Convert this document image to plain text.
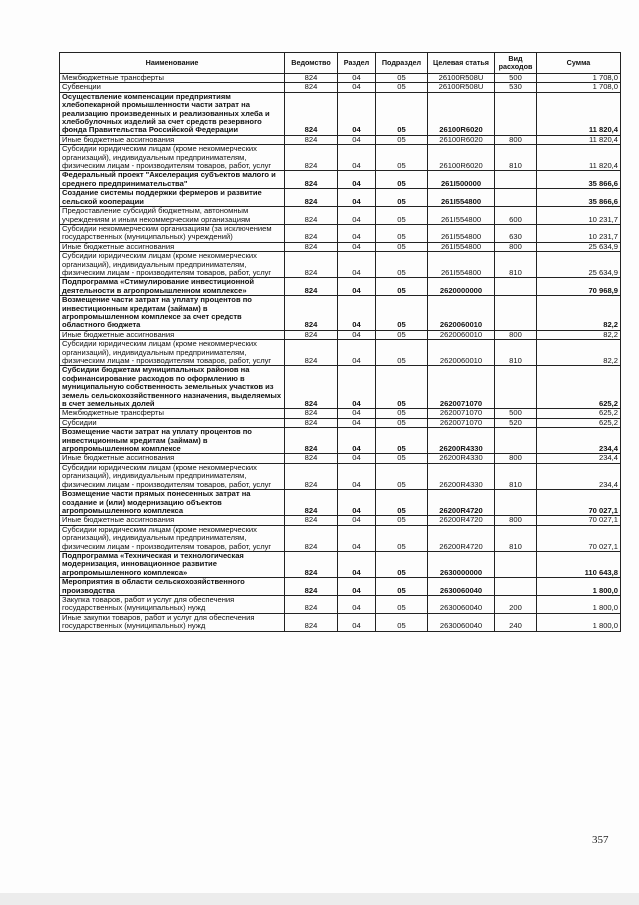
Наименование	Ведомство	Раздел	Подраздел	Целевая статья	Вид расходов	Сумма
Межбюджетные трансферты	824	04	05	26100R508U	500	1 708,0
Субвенции	824	04	05	26100R508U	530	1 708,0
Осуществление компенсации предприятиям хлебопекарной промышленности части затрат на реализацию произведенных и реализованных хлеба и хлебобулочных изделий за счет средств резервного фонда Правительства Российской Федерации	824	04	05	26100R6020		11 820,4
Иные бюджетные ассигнования	824	04	05	26100R6020	800	11 820,4
Субсидии юридическим лицам (кроме некоммерческих организаций), индивидуальным предпринимателям, физическим лицам - производителям товаров, работ, услуг	824	04	05	26100R6020	810	11 820,4
Федеральный проект "Акселерация субъектов малого и среднего предпринимательства"	824	04	05	261I500000		35 866,6
Создание системы поддержки фермеров и развитие сельской кооперации	824	04	05	261I554800		35 866,6
Предоставление субсидий бюджетным, автономным учреждениям и иным некоммерческим организациям	824	04	05	261I554800	600	10 231,7
Субсидии некоммерческим организациям (за исключением государственных (муниципальных) учреждений)	824	04	05	261I554800	630	10 231,7
Иные бюджетные ассигнования	824	04	05	261I554800	800	25 634,9
Субсидии юридическим лицам (кроме некоммерческих организаций), индивидуальным предпринимателям, физическим лицам - производителям товаров, работ, услуг	824	04	05	261I554800	810	25 634,9
Подпрограмма «Стимулирование инвестиционной деятельности в агропромышленном комплексе»	824	04	05	2620000000		70 968,9
Возмещение части затрат на уплату процентов по инвестиционным кредитам (займам) в агропромышленном комплексе за счет средств областного бюджета	824	04	05	2620060010		82,2
Иные бюджетные ассигнования	824	04	05	2620060010	800	82,2
Субсидии юридическим лицам (кроме некоммерческих организаций), индивидуальным предпринимателям, физическим лицам - производителям товаров, работ, услуг	824	04	05	2620060010	810	82,2
Субсидии бюджетам муниципальных районов на софинансирование расходов по оформлению в муниципальную собственность земельных участков из земель сельскохозяйственного назначения, выделяемых в счет земельных долей	824	04	05	2620071070		625,2
Межбюджетные трансферты	824	04	05	2620071070	500	625,2
Субсидии	824	04	05	2620071070	520	625,2
Возмещение части затрат на уплату процентов по инвестиционным кредитам (займам) в агропромышленном комплексе	824	04	05	26200R4330		234,4
Иные бюджетные ассигнования	824	04	05	26200R4330	800	234,4
Субсидии юридическим лицам (кроме некоммерческих организаций), индивидуальным предпринимателям, физическим лицам - производителям товаров, работ, услуг	824	04	05	26200R4330	810	234,4
Возмещение части прямых понесенных затрат на создание и (или) модернизацию объектов агропромышленного комплекса	824	04	05	26200R4720		70 027,1
Иные бюджетные ассигнования	824	04	05	26200R4720	800	70 027,1
Субсидии юридическим лицам (кроме некоммерческих организаций), индивидуальным предпринимателям, физическим лицам - производителям товаров, работ, услуг	824	04	05	26200R4720	810	70 027,1
Подпрограмма «Техническая и технологическая модернизация, инновационное развитие агропромышленного комплекса»	824	04	05	2630000000		110 643,8
Мероприятия в области сельскохозяйственного производства	824	04	05	2630060040		1 800,0
Закупка товаров, работ и услуг для обеспечения государственных (муниципальных) нужд	824	04	05	2630060040	200	1 800,0
Иные закупки товаров, работ и услуг для обеспечения государственных (муниципальных) нужд	824	04	05	2630060040	240	1 800,0
357
